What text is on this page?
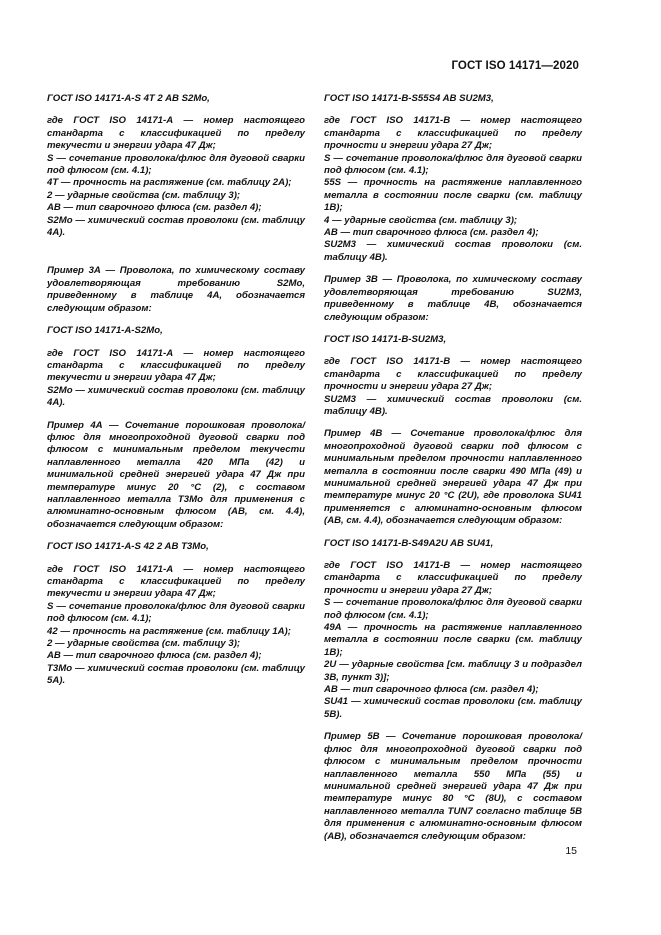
ГОСТ ISO 14171—2020
ГОСТ ISO 14171-A-S 4T 2 AB S2Mo,
где ГОСТ ISO 14171-А — номер настоящего стандарта с классификацией по пределу текучести и энергии удара 47 Дж;
S — сочетание проволока/флюс для дуговой сварки под флюсом (см. 4.1);
4T — прочность на растяжение (см. таблицу 2A);
2 — ударные свойства (см. таблицу 3);
AB — тип сварочного флюса (см. раздел 4);
S2Mo — химический состав проволоки (см. таблицу 4A).
Пример 3А — Проволока, по химическому составу удовлетворяющая требованию S2Mo, приведенному в таблице 4А, обозначается следующим образом:
ГОСТ ISO 14171-A-S2Mo,
где ГОСТ ISO 14171-А — номер настоящего стандарта с классификацией по пределу текучести и энергии удара 47 Дж;
S2Mo — химический состав проволоки (см. таблицу 4A).
Пример 4А — Сочетание порошковая проволока/флюс для многопроходной дуговой сварки под флюсом с минимальным пределом текучести наплавленного металла 420 МПа (42) и минимальной средней энергией удара 47 Дж при температуре минус 20 °C (2), с составом наплавленного металла T3Mo для применения с алюминатно-основным флюсом (AB, см. 4.4), обозначается следующим образом:
ГОСТ ISO 14171-A-S 42 2 AB T3Mo,
где ГОСТ ISO 14171-А — номер настоящего стандарта с классификацией по пределу текучести и энергии удара 47 Дж;
S — сочетание проволока/флюс для дуговой сварки под флюсом (см. 4.1);
42 — прочность на растяжение (см. таблицу 1A);
2 — ударные свойства (см. таблицу 3);
AB — тип сварочного флюса (см. раздел 4);
T3Mo — химический состав проволоки (см. таблицу 5A).
ГОСТ ISO 14171-B-S55S4 AB SU2M3,
где ГОСТ ISO 14171-В — номер настоящего стандарта с классификацией по пределу прочности и энергии удара 27 Дж;
S — сочетание проволока/флюс для дуговой сварки под флюсом (см. 4.1);
55S — прочность на растяжение наплавленного металла в состоянии после сварки (см. таблицу 1B);
4 — ударные свойства (см. таблицу 3);
AB — тип сварочного флюса (см. раздел 4);
SU2M3 — химический состав проволоки (см. таблицу 4B).
Пример 3В — Проволока, по химическому составу удовлетворяющая требованию SU2M3, приведенному в таблице 4В, обозначается следующим образом:
ГОСТ ISO 14171-B-SU2M3,
где ГОСТ ISO 14171-В — номер настоящего стандарта с классификацией по пределу прочности и энергии удара 27 Дж;
SU2M3 — химический состав проволоки (см. таблицу 4B).
Пример 4В — Сочетание проволока/флюс для многопроходной дуговой сварки под флюсом с минимальным пределом прочности наплавленного металла в состоянии после сварки 490 МПа (49) и минимальной средней энергией удара 47 Дж при температуре минус 20 °C (2U), где проволока SU41 применяется с алюминатно-основным флюсом (AB, см. 4.4), обозначается следующим образом:
ГОСТ ISO 14171-B-S49A2U AB SU41,
где ГОСТ ISO 14171-В — номер настоящего стандарта с классификацией по пределу прочности и энергии удара 27 Дж;
S — сочетание проволока/флюс для дуговой сварки под флюсом (см. 4.1);
49A — прочность на растяжение наплавленного металла в состоянии после сварки (см. таблицу 1B);
2U — ударные свойства [см. таблицу 3 и подраздел 3B, пункт 3)];
AB — тип сварочного флюса (см. раздел 4);
SU41 — химический состав проволоки (см. таблицу 5B).
Пример 5В — Сочетание порошковая проволока/флюс для многопроходной дуговой сварки под флюсом с минимальным пределом прочности наплавленного металла 550 МПа (55) и минимальной средней энергией удара 47 Дж при температуре минус 80 °C (8U), с составом наплавленного металла TUN7 согласно таблице 5B для применения с алюминатно-основным флюсом (AB), обозначается следующим образом:
15
